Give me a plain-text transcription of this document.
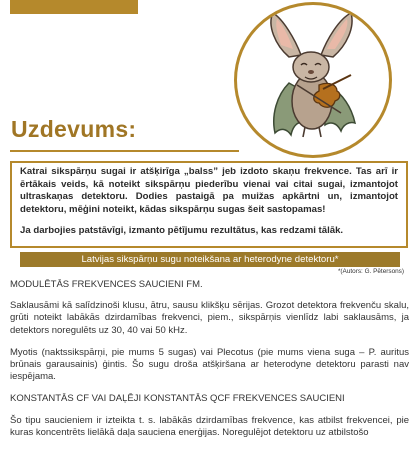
Uzdevums:

Katrai sikspārņu sugai ir atšķirīga „balss” jeb izdoto skaņu frekvence. Tas arī ir ērtākais veids, kā noteikt sikspārņu piederību vienai vai citai sugai, izmantojot ultraskaņas detektoru. Dodies pastaigā pa muižas apkārtni un, izmantojot detektoru, mēģini noteikt, kādas sikspārņu sugas šeit sastopamas!

Ja darbojies patstāvīgi, izmanto pētījumu rezultātus, kas redzami tālāk.

Latvijas sikspārņu sugu noteikšana ar heterodyne detektoru*
*(Autors: G. Pētersons)

MODULĒTĀS FREKVENCES SAUCIENI FM.

Saklausāmi kā salīdzinoši klusu, ātru, sausu klikšķu sērijas. Grozot detektora frekvenču skalu, grūti noteikt labākās dzirdamības frekvenci, piem., sikspārņis vienlīdz labi saklausāms, ja detektors noregulēts uz 30, 40 vai 50 kHz.

Myotis (naktssikspārņi, pie mums 5 sugas) vai Plecotus (pie mums viena suga – P. auritus brūnais garausainis) ģintis. Šo sugu droša atšķiršana ar heterodyne detektoru parasti nav iespējama.

KONSTANTĀS CF VAI DAĻĒJI KONSTANTĀS QCF FREKVENCES SAUCIENI

Šo tipu saucieniem ir izteikta t. s. labākās dzirdamības frekvence, kas atbilst frekvencei, pie kuras koncentrēts lielākā daļa sauciena enerģijas. Noregulējot detektoru uz atbilstošo
